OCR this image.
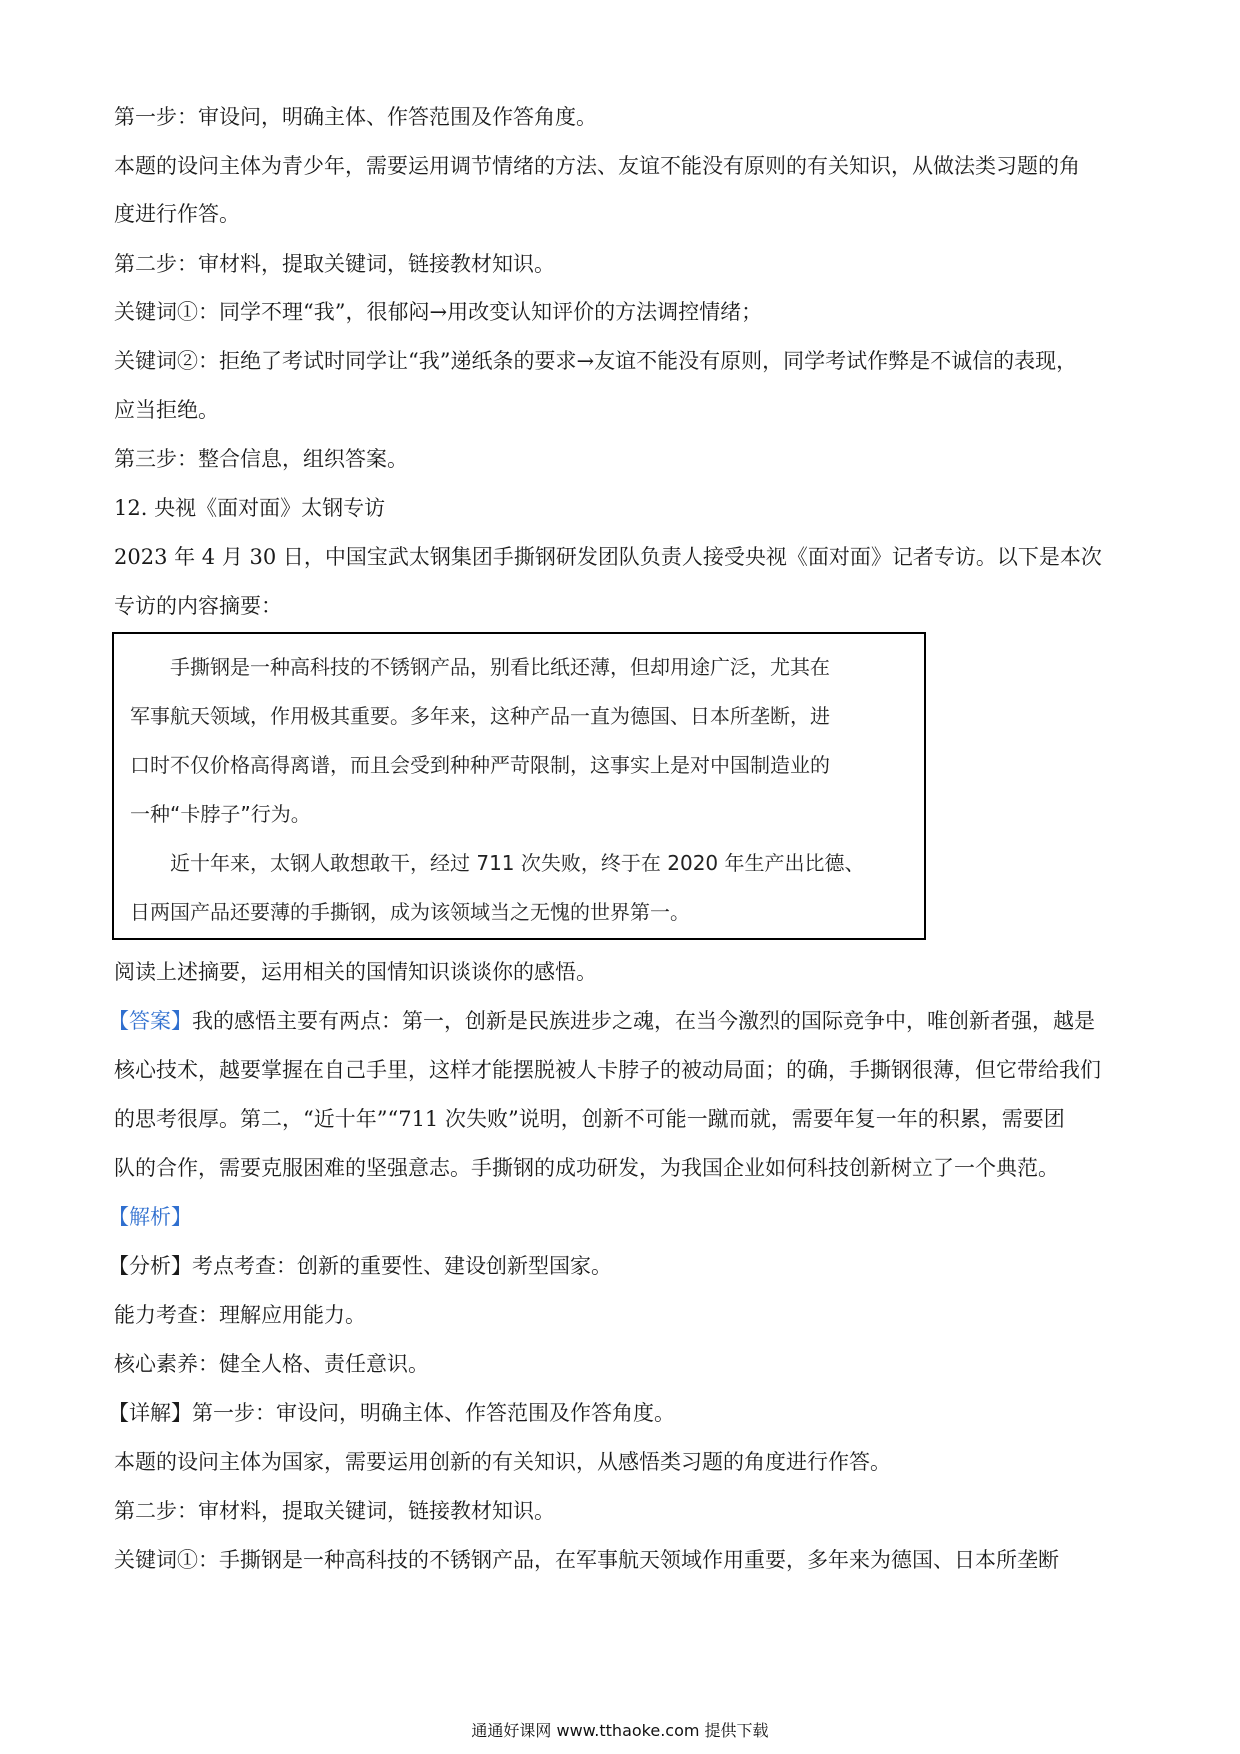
第一步：审设问，明确主体、作答范围及作答角度。

本题的设问主体为青少年，需要运用调节情绪的方法、友谊不能没有原则的有关知识，从做法类习题的角

度进行作答。

第二步：审材料，提取关键词，链接教材知识。

关键词①：同学不理“我”，很郁闷→用改变认知评价的方法调控情绪；

关键词②：拒绝了考试时同学让“我”递纸条的要求→友谊不能没有原则，同学考试作弊是不诚信的表现，

应当拒绝。

第三步：整合信息，组织答案。

12. 央视《面对面》太钢专访

2023 年 4 月 30 日，中国宝武太钢集团手撕钢研发团队负责人接受央视《面对面》记者专访。以下是本次

专访的内容摘要：

手撕钢是一种高科技的不锈钢产品，别看比纸还薄，但却用途广泛，尤其在

军事航天领域，作用极其重要。多年来，这种产品一直为德国、日本所垄断，进

口时不仅价格高得离谱，而且会受到种种严苛限制，这事实上是对中国制造业的

一种“卡脖子”行为。

近十年来，太钢人敢想敢干，经过 711 次失败，终于在 2020 年生产出比德、

日两国产品还要薄的手撕钢，成为该领域当之无愧的世界第一。

阅读上述摘要，运用相关的国情知识谈谈你的感悟。

【答案】我的感悟主要有两点：第一，创新是民族进步之魂，在当今激烈的国际竞争中，唯创新者强，越是

核心技术，越要掌握在自己手里，这样才能摆脱被人卡脖子的被动局面；的确，手撕钢很薄，但它带给我们

的思考很厚。第二，“近十年”“711 次失败”说明，创新不可能一蹴而就，需要年复一年的积累，需要团

队的合作，需要克服困难的坚强意志。手撕钢的成功研发，为我国企业如何科技创新树立了一个典范。

【解析】

【分析】考点考查：创新的重要性、建设创新型国家。

能力考查：理解应用能力。

核心素养：健全人格、责任意识。

【详解】第一步：审设问，明确主体、作答范围及作答角度。

本题的设问主体为国家，需要运用创新的有关知识，从感悟类习题的角度进行作答。

第二步：审材料，提取关键词，链接教材知识。

关键词①：手撕钢是一种高科技的不锈钢产品，在军事航天领域作用重要，多年来为德国、日本所垄断

通通好课网 www.tthaoke.com 提供下载
